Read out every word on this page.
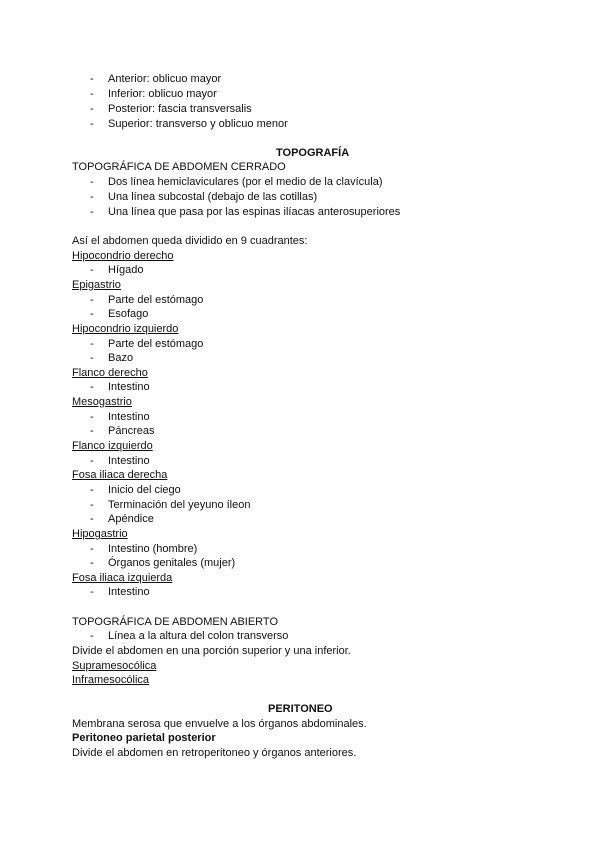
- Anterior: oblicuo mayor
- Inferior: oblicuo mayor
- Posterior: fascia transversalis
- Superior: transverso y oblicuo menor
TOPOGRAFÍA
TOPOGRÁFICA DE ABDOMEN CERRADO
- Dos línea hemiclaviculares (por el medio de la clavícula)
- Una línea subcostal (debajo de las cotillas)
- Una línea que pasa por las espinas ilíacas anterosuperiores
Así el abdomen queda dividido en 9 cuadrantes:
Hipocondrio derecho
- Hígado
Epigastrio
- Parte del estómago
- Esofago
Hipocondrio izquierdo
- Parte del estómago
- Bazo
Flanco derecho
- Intestino
Mesogastrio
- Intestino
- Páncreas
Flanco izquierdo
- Intestino
Fosa iliaca derecha
- Inicio del ciego
- Terminación del yeyuno íleon
- Apéndice
Hipogastrio
- Intestino (hombre)
- Órganos genitales (mujer)
Fosa iliaca izquierda
- Intestino
TOPOGRÁFICA DE ABDOMEN ABIERTO
- Línea a la altura del colon transverso
Divide el abdomen en una porción superior y una inferior.
Supramesocólica
Inframesocólica
PERITONEO
Membrana serosa que envuelve a los órganos abdominales.
Peritoneo parietal posterior
Divide el abdomen en retroperitoneo y órganos anteriores.
